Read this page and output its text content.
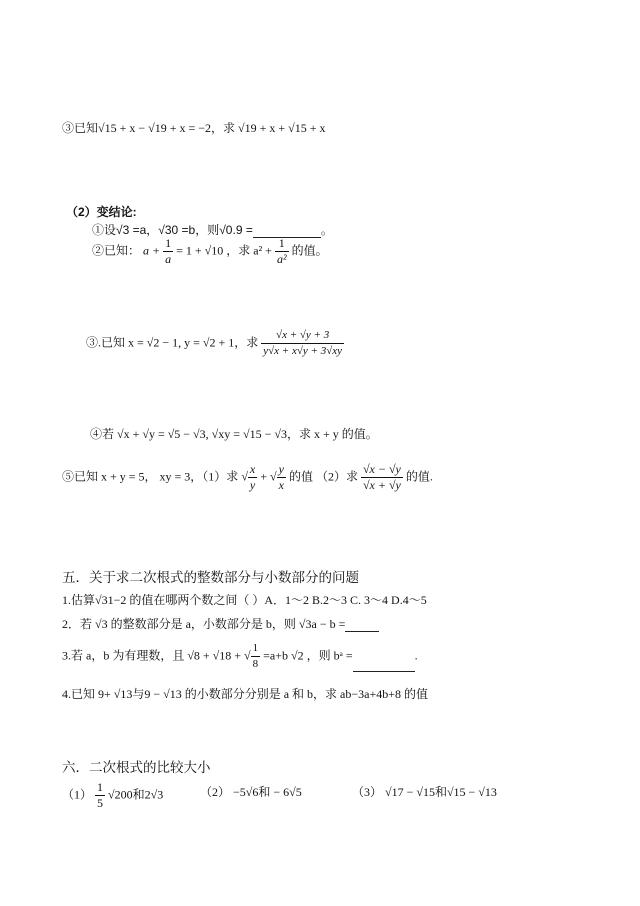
③已知√15 + x − √19 + x = −2，求 √19 + x + √15 + x
（2）变结论:
①设√3 =a，√30 =b，则√0.9 =	。
②已知： $a + \frac{1}{a} = 1 + √10$ ，求 $a^2 + \frac{1}{\text{a²}}$ 的值。
③.已知 x = √2 − 1, y = √2 + 1，求 $\frac{√x + √y + 3}{y√x + x√y + 3√xy}$
④若 √x + √y = √5 − √3, √xy = √15 − √3，求 x + y 的值。
⑤已知 x + y = 5， xy = 3，（1）求 √ $\frac{x}{y}$ + √ $\frac{y}{x}$ 的值 （2）求 $\frac{√x - √y}{√x + √y}$ 的值.
五．关于求二次根式的整数部分与小数部分的问题
1.估算√31−2 的值在哪两个数之间（ ）A．1～2 B.2～3 C. 3～4 D.4～5
2．若 √3 的整数部分是 a，小数部分是 b，则 √3a − b =
3.若 a，b 为有理数，且 √8 + √18 + √ $\frac{1}{8} =a+b$ √2 ，则 bᵃ =	.
4.已知 9+ √13与9 − √13 的小数部分分别是 a 和 b，求 ab−3a+4b+8 的值
六．二次根式的比较大小
$(1) \frac{1}{5} √200$和2√3	（2） −5√6和 − 6√5	（3） √17 − √15和√15 − √13
